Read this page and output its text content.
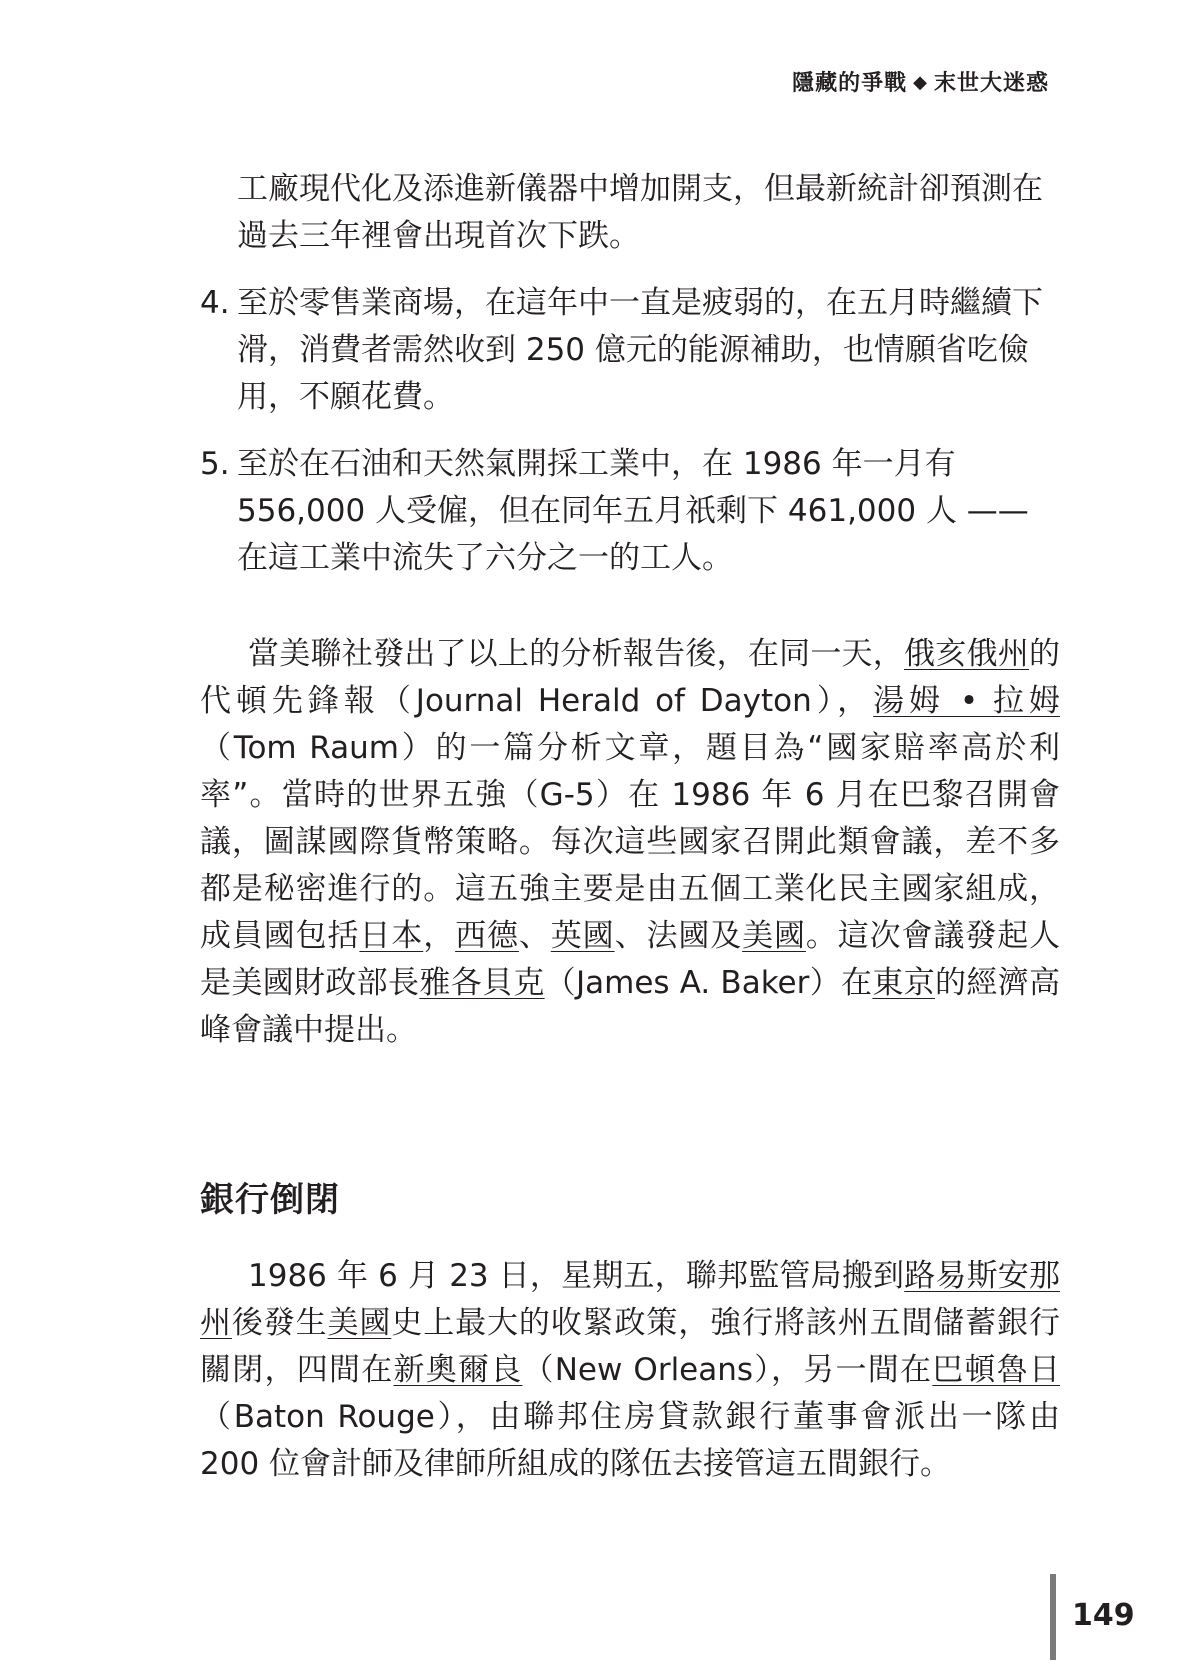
隱藏的爭戰 ◆ 末世大迷惑
工廠現代化及添進新儀器中增加開支，但最新統計卻預測在過去三年裡會出現首次下跌。
4. 至於零售業商場，在這年中一直是疲弱的，在五月時繼續下滑，消費者需然收到 250 億元的能源補助，也情願省吃儉用，不願花費。
5. 至於在石油和天然氣開採工業中，在 1986 年一月有 556,000 人受僱，但在同年五月祇剩下 461,000 人 —— 在這工業中流失了六分之一的工人。
當美聯社發出了以上的分析報告後，在同一天，俄亥俄州的代頓先鋒報（Journal Herald of Dayton），湯姆 • 拉姆（Tom Raum）的一篇分析文章，題目為“國家賠率高於利率”。當時的世界五強（G-5）在 1986 年 6 月在巴黎召開會議，圖謀國際貨幣策略。每次這些國家召開此類會議，差不多都是秘密進行的。這五強主要是由五個工業化民主國家組成，成員國包括日本，西德、英國、法國及美國。這次會議發起人是美國財政部長雅各貝克（James A. Baker）在東京的經濟高峰會議中提出。
銀行倒閉
1986 年 6 月 23 日，星期五，聯邦監管局搬到路易斯安那州後發生美國史上最大的收緊政策，強行將該州五間儲蓄銀行關閉，四間在新奧爾良（New Orleans），另一間在巴頓魯日（Baton Rouge），由聯邦住房貸款銀行董事會派出一隊由 200 位會計師及律師所組成的隊伍去接管這五間銀行。
149
